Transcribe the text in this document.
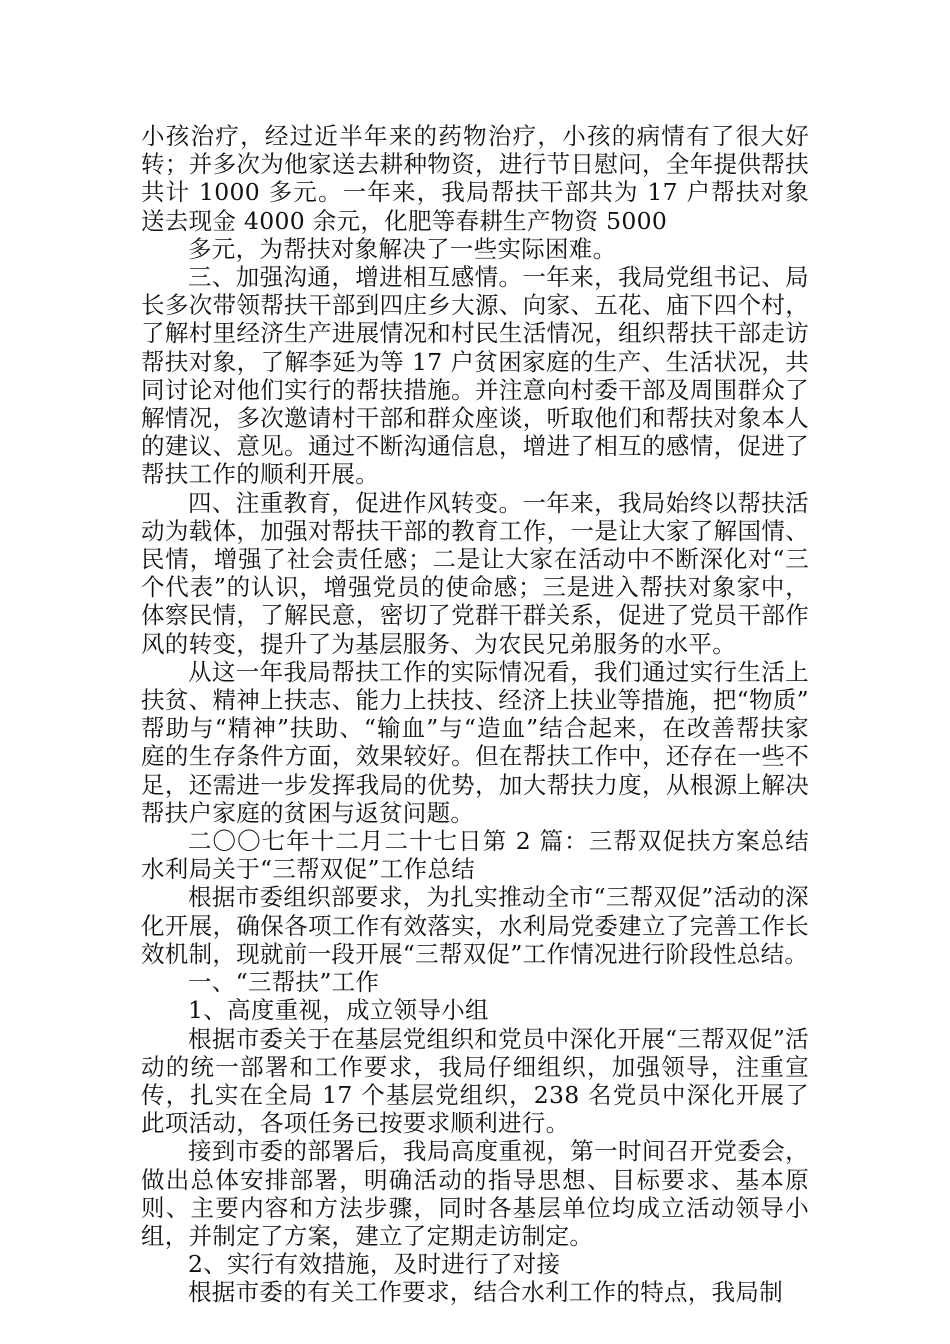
小孩治疗，经过近半年来的药物治疗，小孩的病情有了很大好转；并多次为他家送去耕种物资，进行节日慰问，全年提供帮扶共计 1000 多元。一年来，我局帮扶干部共为 17 户帮扶对象送去现金 4000 余元，化肥等春耕生产物资 5000

多元，为帮扶对象解决了一些实际困难。

三、加强沟通，增进相互感情。一年来，我局党组书记、局长多次带领帮扶干部到四庄乡大源、向家、五花、庙下四个村，了解村里经济生产进展情况和村民生活情况，组织帮扶干部走访帮扶对象，了解李延为等 17 户贫困家庭的生产、生活状况，共同讨论对他们实行的帮扶措施。并注意向村委干部及周围群众了解情况，多次邀请村干部和群众座谈，听取他们和帮扶对象本人的建议、意见。通过不断沟通信息，增进了相互的感情，促进了帮扶工作的顺利开展。

四、注重教育，促进作风转变。一年来，我局始终以帮扶活动为载体，加强对帮扶干部的教育工作，一是让大家了解国情、民情，增强了社会责任感；二是让大家在活动中不断深化对“三个代表”的认识，增强党员的使命感；三是进入帮扶对象家中，体察民情，了解民意，密切了党群干群关系，促进了党员干部作风的转变，提升了为基层服务、为农民兄弟服务的水平。

从这一年我局帮扶工作的实际情况看，我们通过实行生活上扶贫、精神上扶志、能力上扶技、经济上扶业等措施，把“物质” 帮助与“精神”扶助、“输血”与“造血”结合起来，在改善帮扶家庭的生存条件方面，效果较好。但在帮扶工作中，还存在一些不足，还需进一步发挥我局的优势，加大帮扶力度，从根源上解决帮扶户家庭的贫困与返贫问题。

二〇〇七年十二月二十七日第 2 篇：三帮双促扶方案总结水利局关于“三帮双促”工作总结

根据市委组织部要求，为扎实推动全市“三帮双促”活动的深化开展，确保各项工作有效落实，水利局党委建立了完善工作长效机制，现就前一段开展“三帮双促”工作情况进行阶段性总结。

一、“三帮扶”工作

1、高度重视，成立领导小组

根据市委关于在基层党组织和党员中深化开展“三帮双促”活动的统一部署和工作要求，我局仔细组织，加强领导，注重宣传，扎实在全局 17 个基层党组织，238 名党员中深化开展了此项活动，各项任务已按要求顺利进行。

接到市委的部署后，我局高度重视，第一时间召开党委会，做出总体安排部署，明确活动的指导思想、目标要求、基本原则、主要内容和方法步骤，同时各基层单位均成立活动领导小组，并制定了方案，建立了定期走访制定。

2、实行有效措施，及时进行了对接

根据市委的有关工作要求，结合水利工作的特点，我局制
